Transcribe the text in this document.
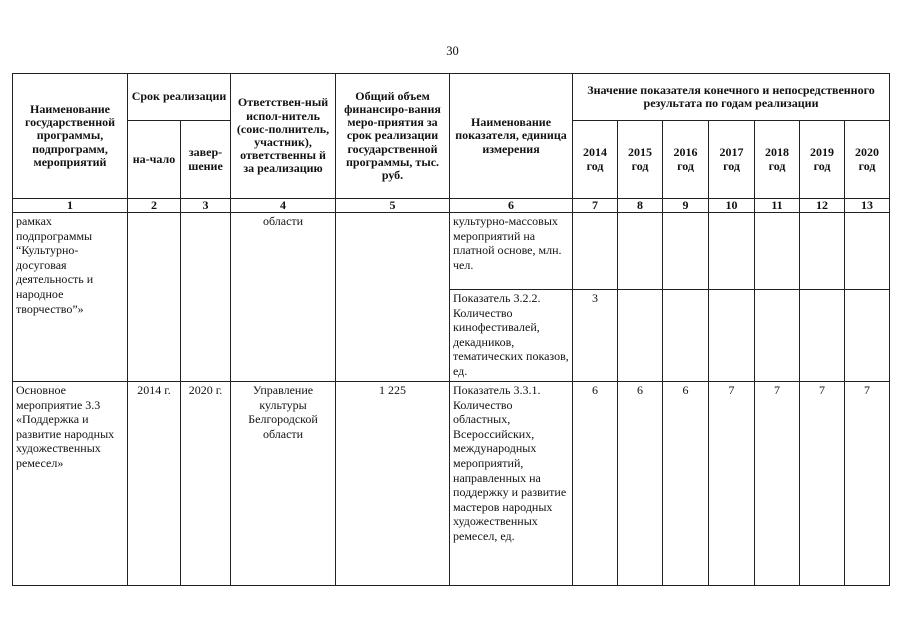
30
Наименование государственной программы, подпрограмм, мероприятий	Срок реализации		Ответствен-ный испол-нитель (соис-полнитель, участник), ответственны й за реализацию	Общий объем финансиро-вания меро-приятия за срок реализации государственной программы, тыс. руб.	Наименование показателя, единица измерения	Значение показателя конечного и непосредственного результата по годам реализации						
	на-чало	завер-шение				2014 год	2015 год	2016 год	2017 год	2018 год	2019 год	2020 год
1	2	3	4	5	6	7	8	9	10	11	12	13
рамках подпрограммы “Культурно-досуговая деятельность и народное творчество”»			области		культурно-массовых мероприятий на платной основе, млн. чел.							
					Показатель 3.2.2. Количество кинофестивалей, декадников, тематических показов, ед.	3						
Основное мероприятие 3.3 «Поддержка и развитие народных художественных ремесел»	2014 г.	2020 г.	Управление культуры Белгородской области	1 225	Показатель 3.3.1. Количество областных, Всероссийских, международных мероприятий, направленных на поддержку и развитие мастеров народных художественных ремесел, ед.	6	6	6	7	7	7	7
